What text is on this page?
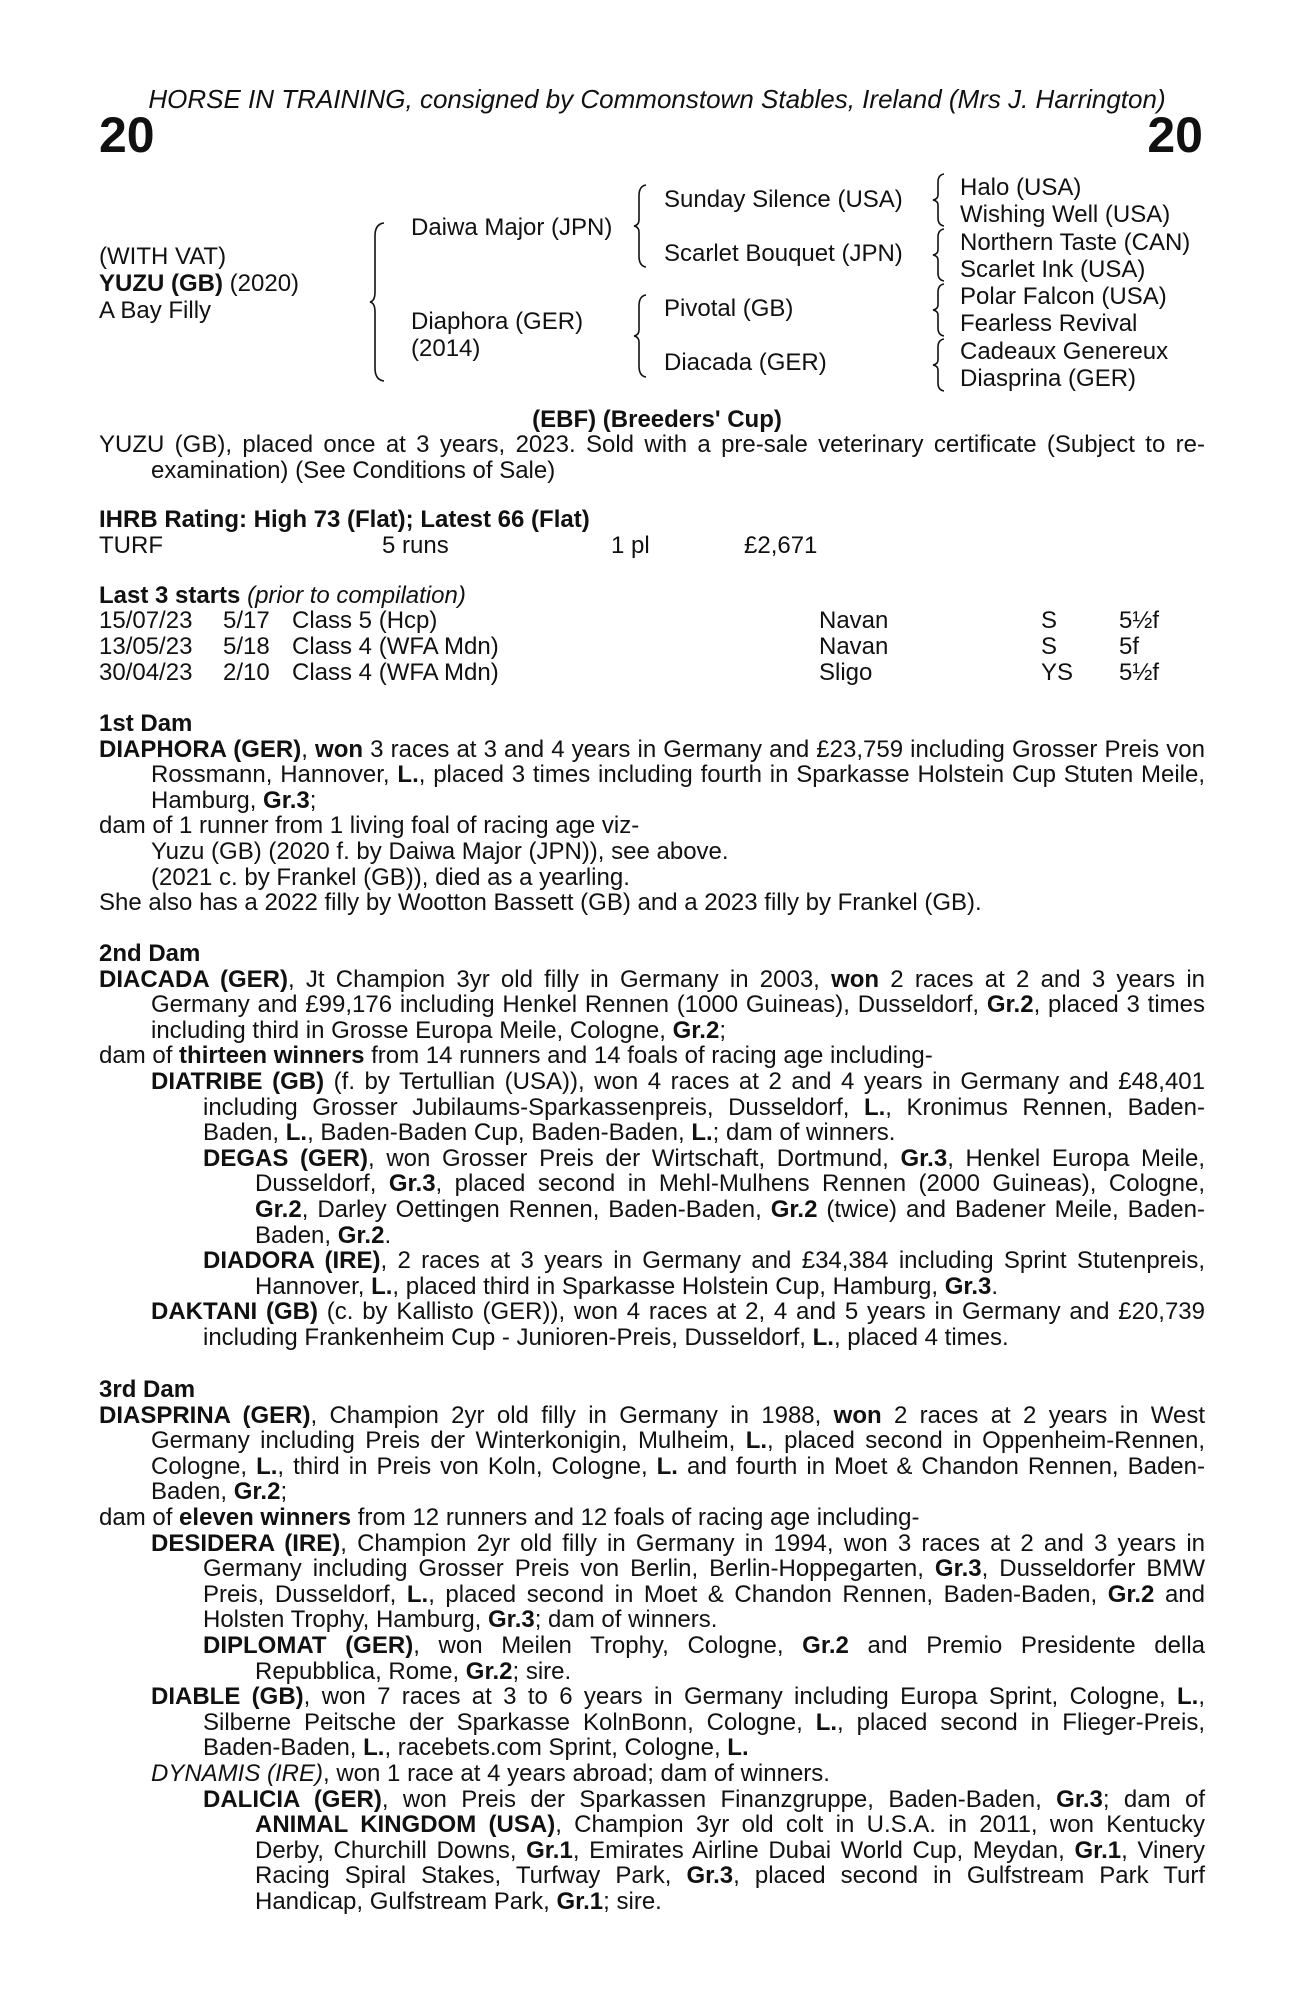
HORSE IN TRAINING, consigned by Commonstown Stables, Ireland (Mrs J. Harrington)
20	20
(WITH VAT)
YUZU (GB) (2020)
A Bay Filly
Daiwa Major (JPN)
Diaphora (GER)
(2014)
Sunday Silence (USA)
Scarlet Bouquet (JPN)
Pivotal (GB)
Diacada (GER)
Halo (USA)
Wishing Well (USA)
Northern Taste (CAN)
Scarlet Ink (USA)
Polar Falcon (USA)
Fearless Revival
Cadeaux Genereux
Diasprina (GER)
(EBF) (Breeders' Cup)

YUZU (GB), placed once at 3 years, 2023. Sold with a pre-sale veterinary certificate (Subject to re-examination) (See Conditions of Sale)

IHRB Rating: High 73 (Flat); Latest 66 (Flat)
TURF	5 runs	1 pl	£2,671
Last 3 starts (prior to compilation)
15/07/23 5/17 Class 5 (Hcp)	Navan	S	5½f
13/05/23 5/18 Class 4 (WFA Mdn)	Navan	S	5f
30/04/23 2/10 Class 4 (WFA Mdn)	Sligo	YS 5½f

1st Dam

DIAPHORA (GER), won 3 races at 3 and 4 years in Germany and £23,759 including Grosser Preis von Rossmann, Hannover, L., placed 3 times including fourth in Sparkasse Holstein Cup Stuten Meile, Hamburg, Gr.3;

dam of 1 runner from 1 living foal of racing age viz-

Yuzu (GB) (2020 f. by Daiwa Major (JPN)), see above.

(2021 c. by Frankel (GB)), died as a yearling.

She also has a 2022 filly by Wootton Bassett (GB) and a 2023 filly by Frankel (GB).

2nd Dam

DIACADA (GER), Jt Champion 3yr old filly in Germany in 2003, won 2 races at 2 and 3 years in Germany and £99,176 including Henkel Rennen (1000 Guineas), Dusseldorf, Gr.2, placed 3 times including third in Grosse Europa Meile, Cologne, Gr.2;

dam of thirteen winners from 14 runners and 14 foals of racing age including-

DIATRIBE (GB) (f. by Tertullian (USA)), won 4 races at 2 and 4 years in Germany and £48,401 including Grosser Jubilaums-Sparkassenpreis, Dusseldorf, L., Kronimus Rennen, Baden-Baden, L., Baden-Baden Cup, Baden-Baden, L.; dam of winners.

DEGAS (GER), won Grosser Preis der Wirtschaft, Dortmund, Gr.3, Henkel Europa Meile, Dusseldorf, Gr.3, placed second in Mehl-Mulhens Rennen (2000 Guineas), Cologne, Gr.2, Darley Oettingen Rennen, Baden-Baden, Gr.2 (twice) and Badener Meile, Baden-Baden, Gr.2.

DIADORA (IRE), 2 races at 3 years in Germany and £34,384 including Sprint Stutenpreis, Hannover, L., placed third in Sparkasse Holstein Cup, Hamburg, Gr.3.

DAKTANI (GB) (c. by Kallisto (GER)), won 4 races at 2, 4 and 5 years in Germany and £20,739 including Frankenheim Cup - Junioren-Preis, Dusseldorf, L., placed 4 times.

3rd Dam

DIASPRINA (GER), Champion 2yr old filly in Germany in 1988, won 2 races at 2 years in West Germany including Preis der Winterkonigin, Mulheim, L., placed second in Oppenheim-Rennen, Cologne, L., third in Preis von Koln, Cologne, L. and fourth in Moet & Chandon Rennen, Baden-Baden, Gr.2;

dam of eleven winners from 12 runners and 12 foals of racing age including-

DESIDERA (IRE), Champion 2yr old filly in Germany in 1994, won 3 races at 2 and 3 years in Germany including Grosser Preis von Berlin, Berlin-Hoppegarten, Gr.3, Dusseldorfer BMW Preis, Dusseldorf, L., placed second in Moet & Chandon Rennen, Baden-Baden, Gr.2 and Holsten Trophy, Hamburg, Gr.3; dam of winners.

DIPLOMAT (GER), won Meilen Trophy, Cologne, Gr.2 and Premio Presidente della Repubblica, Rome, Gr.2; sire.

DIABLE (GB), won 7 races at 3 to 6 years in Germany including Europa Sprint, Cologne, L., Silberne Peitsche der Sparkasse KolnBonn, Cologne, L., placed second in Flieger-Preis, Baden-Baden, L., racebets.com Sprint, Cologne, L.

DYNAMIS (IRE), won 1 race at 4 years abroad; dam of winners.

DALICIA (GER), won Preis der Sparkassen Finanzgruppe, Baden-Baden, Gr.3; dam of ANIMAL KINGDOM (USA), Champion 3yr old colt in U.S.A. in 2011, won Kentucky Derby, Churchill Downs, Gr.1, Emirates Airline Dubai World Cup, Meydan, Gr.1, Vinery Racing Spiral Stakes, Turfway Park, Gr.3, placed second in Gulfstream Park Turf Handicap, Gulfstream Park, Gr.1; sire.
